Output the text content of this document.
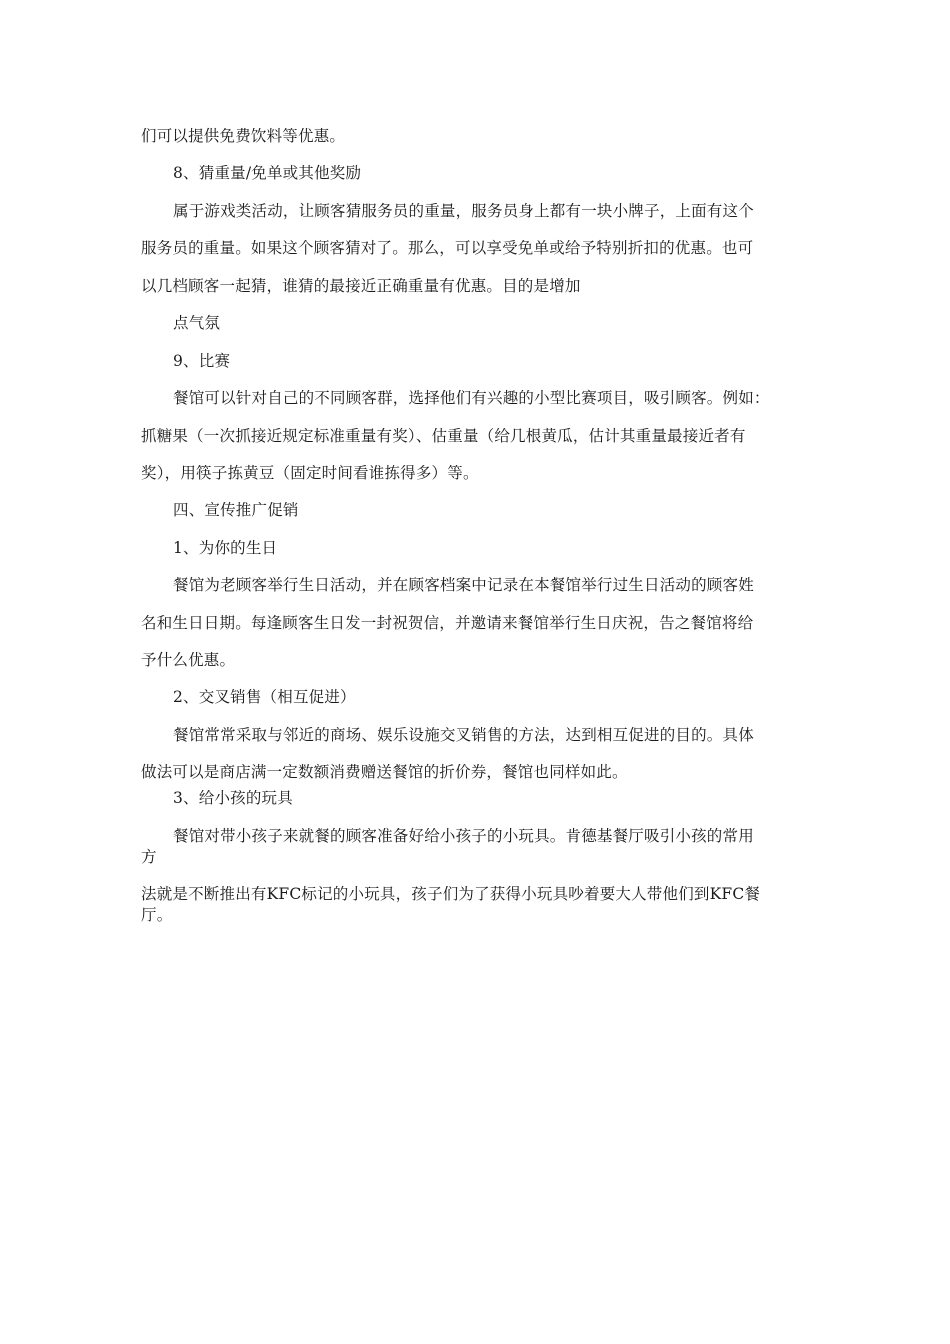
们可以提供免费饮料等优惠。
8、猜重量/免单或其他奖励
属于游戏类活动，让顾客猜服务员的重量，服务员身上都有一块小牌子，上面有这个
服务员的重量。如果这个顾客猜对了。那么，可以享受免单或给予特别折扣的优惠。也可
以几档顾客一起猜，谁猜的最接近正确重量有优惠。目的是增加
点气氛
9、比赛
餐馆可以针对自己的不同顾客群，选择他们有兴趣的小型比赛项目，吸引顾客。例如：
抓糖果（一次抓接近规定标准重量有奖）、估重量（给几根黄瓜，估计其重量最接近者有
奖），用筷子拣黄豆（固定时间看谁拣得多）等。
四、宣传推广促销
1、为你的生日
餐馆为老顾客举行生日活动，并在顾客档案中记录在本餐馆举行过生日活动的顾客姓
名和生日日期。每逢顾客生日发一封祝贺信，并邀请来餐馆举行生日庆祝，告之餐馆将给
予什么优惠。
2、交叉销售（相互促进）
餐馆常常采取与邻近的商场、娱乐设施交叉销售的方法，达到相互促进的目的。具体
做法可以是商店满一定数额消费赠送餐馆的折价券，餐馆也同样如此。
3、给小孩的玩具
餐馆对带小孩子来就餐的顾客准备好给小孩子的小玩具。肯德基餐厅吸引小孩的常用
方
法就是不断推出有KFC标记的小玩具，孩子们为了获得小玩具吵着要大人带他们到KFC餐
厅。
